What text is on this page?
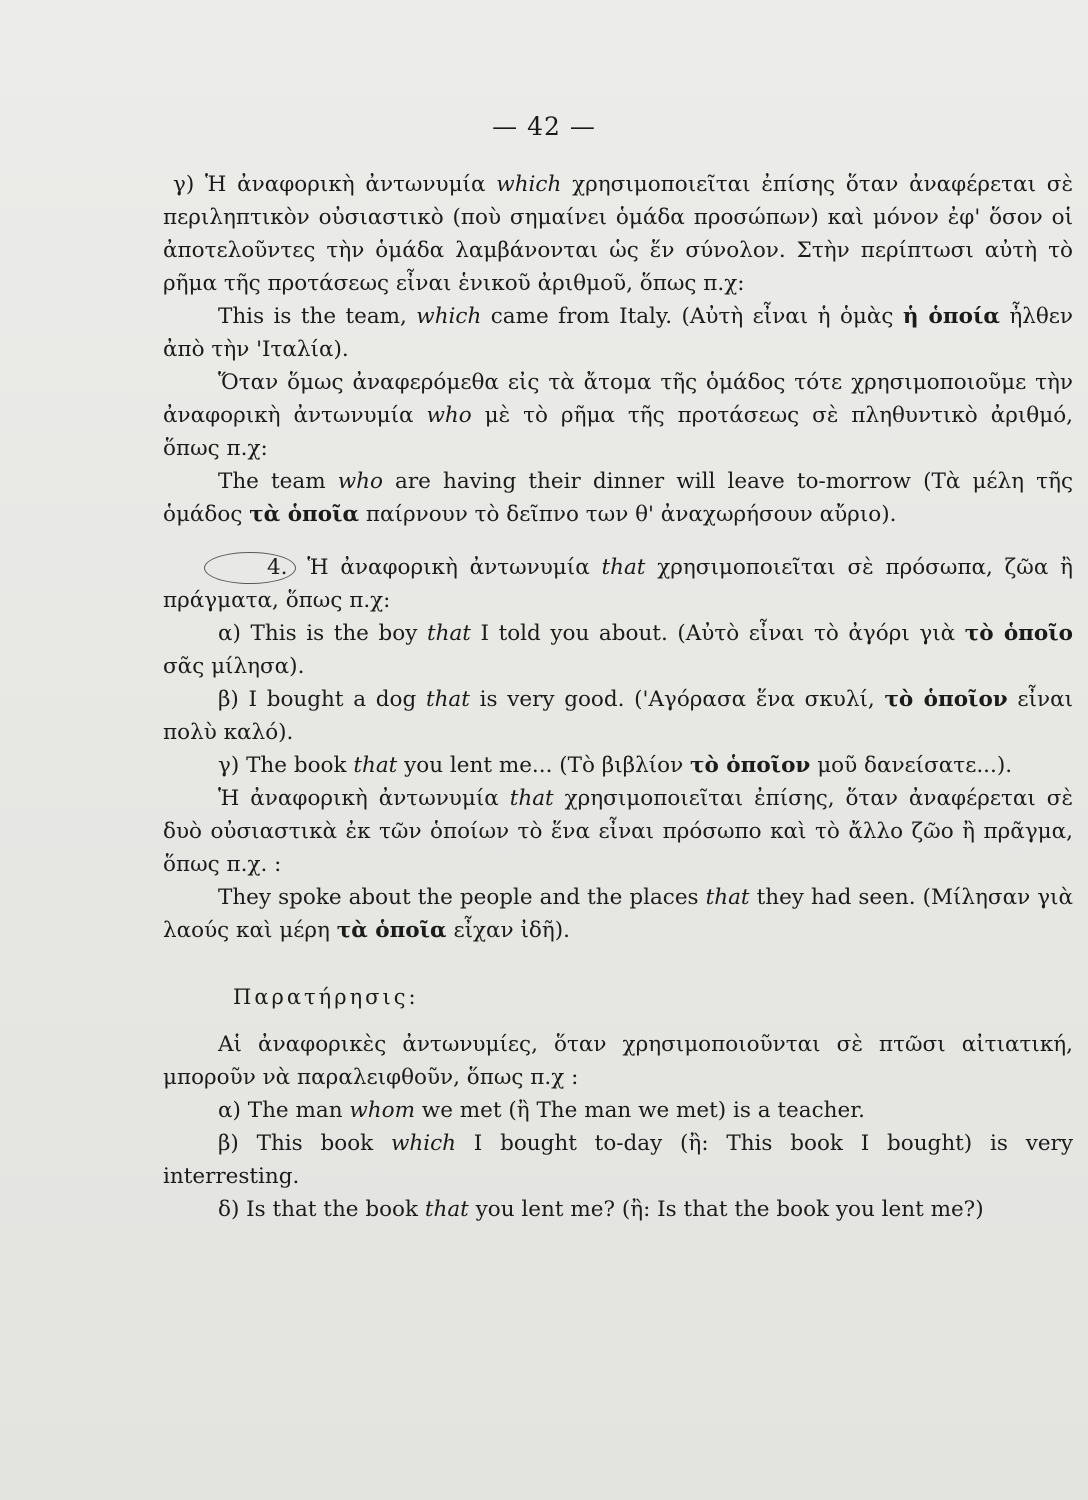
— 42 —

γ) Ἡ ἀναφορικὴ ἀντωνυμία which χρησιμοποιεῖται ἐπίσης ὅταν ἀναφέρεται σὲ περιληπτικὸν οὐσιαστικὸ (ποὺ σημαίνει ὁμάδα προσώπων) καὶ μόνον ἐφ' ὅσον οἱ ἀποτελοῦντες τὴν ὁμάδα λαμβάνονται ὡς ἕν σύνολον. Στὴν περίπτωσι αὐτὴ τὸ ρῆμα τῆς προτάσεως εἶναι ἑνικοῦ ἀριθμοῦ, ὅπως π.χ:

This is the team, which came from Italy. (Αὐτὴ εἶναι ἡ ὁμὰς ἡ ὁποία ἦλθεν ἀπὸ τὴν 'Ιταλία).

Ὅταν ὅμως ἀναφερόμεθα εἰς τὰ ἄτομα τῆς ὁμάδος τότε χρησιμοποιοῦμε τὴν ἀναφορικὴ ἀντωνυμία who μὲ τὸ ρῆμα τῆς προτάσεως σὲ πληθυντικὸ ἀριθμό, ὅπως π.χ:

The team who are having their dinner will leave to-morrow (Τὰ μέλη τῆς ὁμάδος τὰ ὁποῖα παίρνουν τὸ δεῖπνο των θ' ἀναχωρήσουν αὔριο).

4. Ἡ ἀναφορικὴ ἀντωνυμία that χρησιμοποιεῖται σὲ πρόσωπα, ζῶα ἢ πράγματα, ὅπως π.χ:

α) This is the boy that I told you about. (Αὐτὸ εἶναι τὸ ἀγόρι γιὰ τὸ ὁποῖο σᾶς μίλησα).

β) I bought a dog that is very good. ('Αγόρασα ἕνα σκυλί, τὸ ὁποῖον εἶναι πολὺ καλό).

γ) The book that you lent me... (Τὸ βιβλίον τὸ ὁποῖον μοῦ δανείσατε...).

Ἡ ἀναφορικὴ ἀντωνυμία that χρησιμοποιεῖται ἐπίσης, ὅταν ἀναφέρεται σὲ δυὸ οὐσιαστικὰ ἐκ τῶν ὁποίων τὸ ἕνα εἶναι πρόσωπο καὶ τὸ ἄλλο ζῶο ἢ πρᾶγμα, ὅπως π.χ. :

They spoke about the people and the places that they had seen. (Μίλησαν γιὰ λαούς καὶ μέρη τὰ ὁποῖα εἶχαν ἰδῆ).

Παρατήρησις:

Αἱ ἀναφορικὲς ἀντωνυμίες, ὅταν χρησιμοποιοῦνται σὲ πτῶσι αἰτιατική, μποροῦν νὰ παραλειφθοῦν, ὅπως π.χ :

α) The man whom we met (ἢ The man we met) is a teacher.

β) This book which I bought to-day (ἢ: This book I bought) is very interresting.

δ) Is that the book that you lent me? (ἢ: Is that the book you lent me?)
